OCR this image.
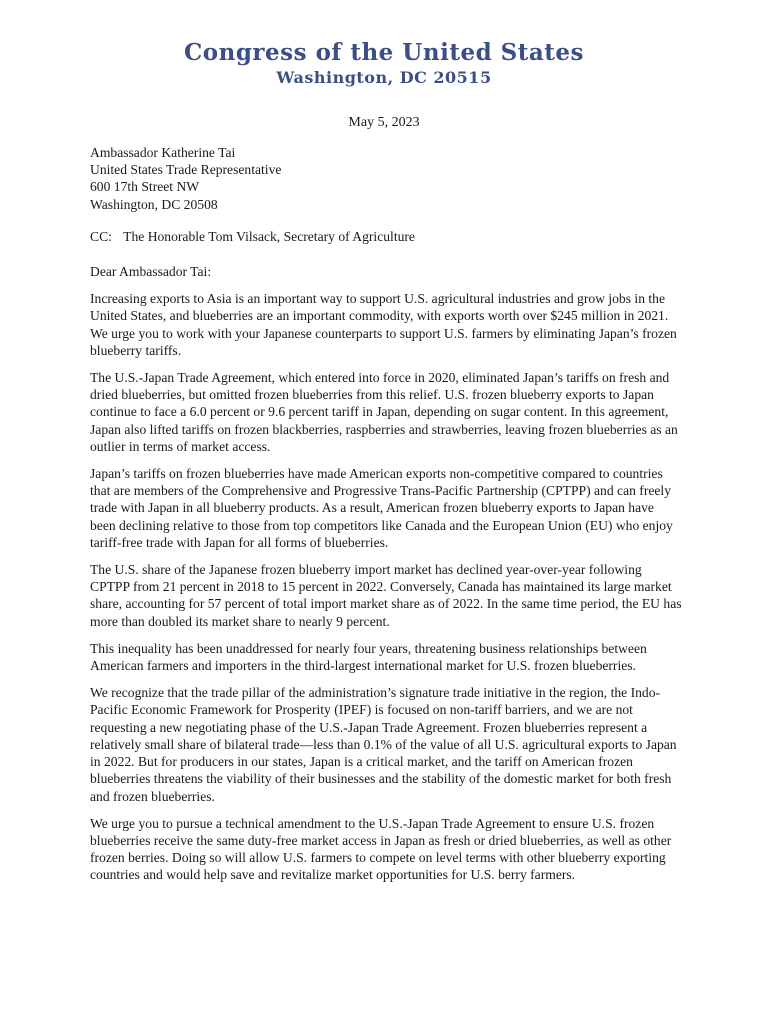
Congress of the United States
Washington, DC 20515
May 5, 2023
Ambassador Katherine Tai
United States Trade Representative
600 17th Street NW
Washington, DC 20508
CC: The Honorable Tom Vilsack, Secretary of Agriculture
Dear Ambassador Tai:

Increasing exports to Asia is an important way to support U.S. agricultural industries and grow jobs in the United States, and blueberries are an important commodity, with exports worth over $245 million in 2021. We urge you to work with your Japanese counterparts to support U.S. farmers by eliminating Japan’s frozen blueberry tariffs.

The U.S.-Japan Trade Agreement, which entered into force in 2020, eliminated Japan’s tariffs on fresh and dried blueberries, but omitted frozen blueberries from this relief. U.S. frozen blueberry exports to Japan continue to face a 6.0 percent or 9.6 percent tariff in Japan, depending on sugar content. In this agreement, Japan also lifted tariffs on frozen blackberries, raspberries and strawberries, leaving frozen blueberries as an outlier in terms of market access.

Japan’s tariffs on frozen blueberries have made American exports non-competitive compared to countries that are members of the Comprehensive and Progressive Trans-Pacific Partnership (CPTPP) and can freely trade with Japan in all blueberry products. As a result, American frozen blueberry exports to Japan have been declining relative to those from top competitors like Canada and the European Union (EU) who enjoy tariff-free trade with Japan for all forms of blueberries.

The U.S. share of the Japanese frozen blueberry import market has declined year-over-year following CPTPP from 21 percent in 2018 to 15 percent in 2022. Conversely, Canada has maintained its large market share, accounting for 57 percent of total import market share as of 2022. In the same time period, the EU has more than doubled its market share to nearly 9 percent.

This inequality has been unaddressed for nearly four years, threatening business relationships between American farmers and importers in the third-largest international market for U.S. frozen blueberries.

We recognize that the trade pillar of the administration’s signature trade initiative in the region, the Indo-Pacific Economic Framework for Prosperity (IPEF) is focused on non-tariff barriers, and we are not requesting a new negotiating phase of the U.S.-Japan Trade Agreement. Frozen blueberries represent a relatively small share of bilateral trade—less than 0.1% of the value of all U.S. agricultural exports to Japan in 2022. But for producers in our states, Japan is a critical market, and the tariff on American frozen blueberries threatens the viability of their businesses and the stability of the domestic market for both fresh and frozen blueberries.

We urge you to pursue a technical amendment to the U.S.-Japan Trade Agreement to ensure U.S. frozen blueberries receive the same duty-free market access in Japan as fresh or dried blueberries, as well as other frozen berries. Doing so will allow U.S. farmers to compete on level terms with other blueberry exporting countries and would help save and revitalize market opportunities for U.S. berry farmers.
